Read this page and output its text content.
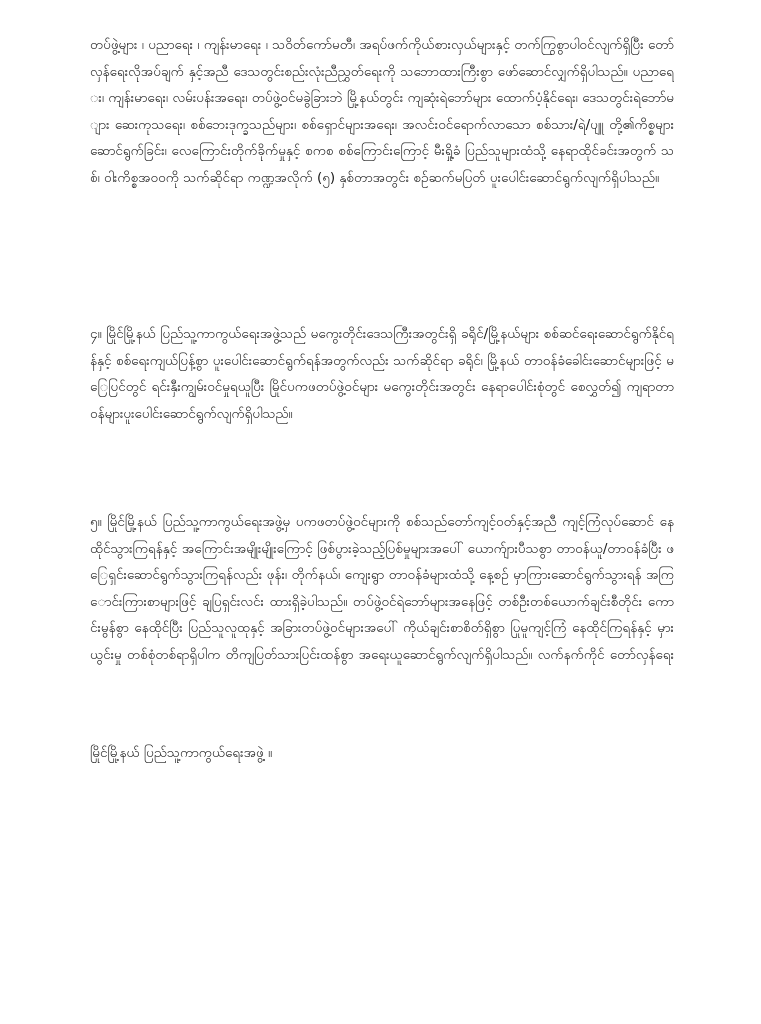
တပ်ဖွဲ့များ ၊ ပညာရေး ၊ ကျန်းမာရေး ၊ သဝိတ်ကော်မတီ၊ အရပ်ဖက်ကိုယ်စားလှယ်များနှင့် တက်ကြွစွာပါဝင်လျက်ရှိပြီး တော်လှန်ရေးလိုအပ်ချက် နှင့်အညီ ဒေသတွင်းစည်းလုံးညီညွှတ်ရေးကို သဘောထားကြီးစွာ ဖော်ဆောင်လျှက်ရှိပါသည်။ ပညာရေး၊ ကျန်းမာရေး၊ လမ်းပန်းအရေး၊ တပ်ဖွဲ့ဝင်မခွဲခြားဘဲ မြို့နယ်တွင်း ကျဆုံးရဲဘော်များ ထောက်ပံ့နိုင်ရေး၊ ဒေသတွင်းရဲဘော်များ ဆေးကုသရေး၊ စစ်ဘေးဒုက္ခသည်များ၊ စစ်ရှောင်များအရေး၊ အလင်းဝင်ရောက်လာသော စစ်သား/ရဲ/ပျူ တို့၏ကိစ္စများ ဆောင်ရွက်ခြင်း၊ လေကြောင်းတိုက်ခိုက်မှုနှင့် စကစ စစ်ကြောင်းကြောင့် မီးရှို့ခံ ပြည်သူများထံသို့ နေရာထိုင်ခင်းအတွက် သစ်၊ ဝါးကိစ္စအဝဝကို သက်ဆိုင်ရာ ကဏ္ဍအလိုက် (၅) နှစ်တာအတွင်း စဉ်ဆက်မပြတ် ပူးပေါင်းဆောင်ရွက်လျက်ရှိပါသည်။
၄။ မြိုင်မြို့နယ် ပြည်သူ့ကာကွယ်ရေးအဖွဲ့သည် မကွေးတိုင်းဒေသကြီးအတွင်းရှိ ခရိုင်/မြို့နယ်များ စစ်ဆင်ရေးဆောင်ရွက်နိုင်ရန်နှင့် စစ်ရေးကျယ်ပြန့်စွာ ပူးပေါင်းဆောင်ရွက်ရန်အတွက်လည်း သက်ဆိုင်ရာ ခရိုင်၊ မြို့နယ် တာဝန်ခံခေါင်းဆောင်များဖြင့် မြေပြင်တွင် ရင်းနှီးကျွမ်းဝင်မှုရယူပြီး မြိုင်ပကဖတပ်ဖွဲ့ဝင်များ မကွေးတိုင်းအတွင်း နေရာပေါင်းစုံတွင် စေလွှတ်၍ ကျရာတာဝန်များပူးပေါင်းဆောင်ရွက်လျက်ရှိပါသည်။
၅။ မြိုင်မြို့နယ် ပြည်သူ့ကာကွယ်ရေးအဖွဲ့မှ ပကဖတပ်ဖွဲ့ဝင်များကို စစ်သည်တော်ကျင့်ဝတ်နှင့်အညီ ကျင့်ကြံလုပ်ဆောင် နေထိုင်သွားကြရန်နှင့် အကြောင်းအမျိုးမျိုးကြောင့် ဖြစ်ပွားခဲ့သည့်ပြစ်မှုများအပေါ် ယောက်ျားပီသစွာ တာဝန်ယူ/တာဝန်ခံပြီး ဖြေရှင်းဆောင်ရွက်သွားကြရန်လည်း ဖုန်း၊ တိုက်နယ်၊ ကျေးရွာ တာဝန်ခံများထံသို့ နေ့စဉ် မှာကြားဆောင်ရွက်သွားရန် အကြောင်းကြားစာများဖြင့် ချပြရှင်းလင်း ထားရှိခဲ့ပါသည်။ တပ်ဖွဲ့ဝင်ရဲဘော်များအနေဖြင့် တစ်ဦးတစ်ယောက်ချင်းစီတိုင်း ကောင်းမွန်စွာ နေထိုင်ပြီး ပြည်သူလူထုနှင့် အခြားတပ်ဖွဲ့ဝင်များအပေါ် ကိုယ်ချင်းစာစိတ်ရှိစွာ ပြုမူကျင့်ကြံ နေထိုင်ကြရန်နှင့် မှားယွင်းမှု တစ်စုံတစ်ရာရှိပါက တိကျပြတ်သားပြင်းထန်စွာ အရေးယူဆောင်ရွက်လျက်ရှိပါသည်။ လက်နက်ကိုင် တော်လှန်ရေး
မြိုင်မြို့နယ် ပြည်သူ့ကာကွယ်ရေးအဖွဲ့ ။
